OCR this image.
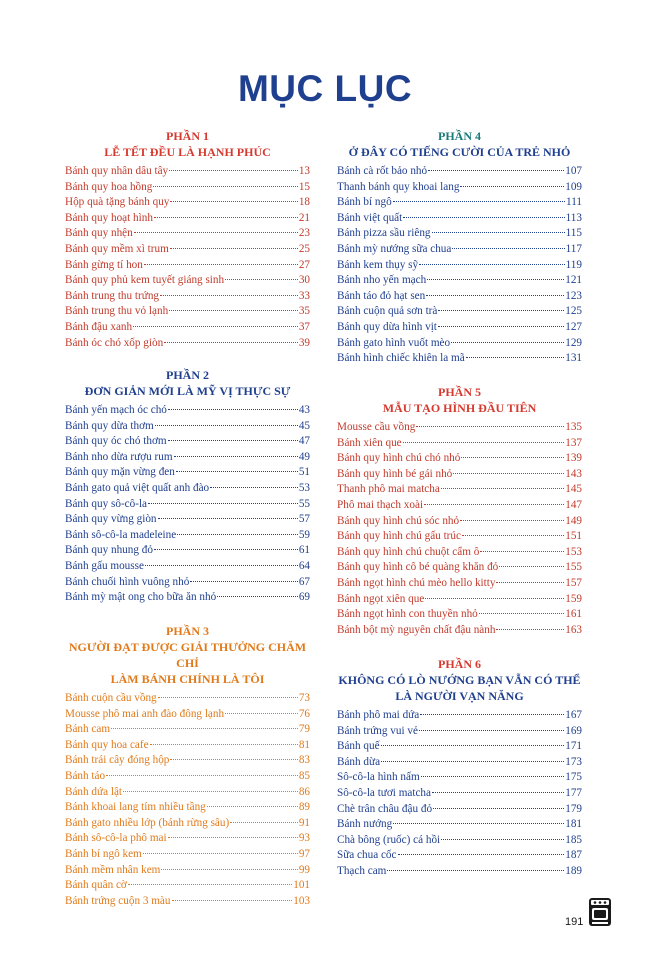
MỤC LỤC
PHẦN 1
LỄ TẾT ĐỀU LÀ HẠNH PHÚC
Bánh quy nhân dâu tây	13
Bánh quy hoa hồng	15
Hộp quà tặng bánh quy	18
Bánh quy hoạt hình	21
Bánh quy nhện	23
Bánh quy mềm xì trum	25
Bánh gừng tí hon	27
Bánh quy phủ kem tuyết giáng sinh	30
Bánh trung thu trứng	33
Bánh trung thu vỏ lạnh	35
Bánh đậu xanh	37
Bánh óc chó xốp giòn	39
PHẦN 2
ĐƠN GIẢN MỚI LÀ MỸ VỊ THỰC SỰ
Bánh yến mạch óc chó	43
Bánh quy dừa thơm	45
Bánh quy óc chó thơm	47
Bánh nho dừa rượu rum	49
Bánh quy mặn vừng đen	51
Bánh gato quả việt quất anh đào	53
Bánh quy sô-cô-la	55
Bánh quy vừng giòn	57
Bánh sô-cô-la madeleine	59
Bánh quy nhung đỏ	61
Bánh gấu mousse	64
Bánh chuối hình vuông nhỏ	67
Bánh mỳ mật ong cho bữa ăn nhỏ	69
PHẦN 3
NGƯỜI ĐẠT ĐƯỢC GIẢI THƯỞNG CHĂM CHỈ
LÀM BÁNH CHÍNH LÀ TÔI
Bánh cuộn cầu vồng	73
Mousse phô mai anh đào đông lạnh	76
Bánh cam	79
Bánh quy hoa cafe	81
Bánh trái cây đóng hộp	83
Bánh táo	85
Bánh dứa lật	86
Bánh khoai lang tím nhiều tầng	89
Bánh gato nhiều lớp (bánh rừng sâu)	91
Bánh sô-cô-la phô mai	93
Bánh bí ngô kem	97
Bánh mềm nhân kem	99
Bánh quân cờ	101
Bánh trứng cuộn 3 màu	103
PHẦN 4
Ở ĐÂY CÓ TIẾNG CƯỜI CỦA TRẺ NHỎ
Bánh cà rốt bảo nhỏ	107
Thanh bánh quy khoai lang	109
Bánh bí ngô	111
Bánh việt quất	113
Bánh pizza sầu riêng	115
Bánh mỳ nướng sữa chua	117
Bánh kem thụy sỹ	119
Bánh nho yến mạch	121
Bánh táo đỏ hạt sen	123
Bánh cuộn quả sơn trà	125
Bánh quy dừa hình vịt	127
Bánh gato hình vuốt mèo	129
Bánh hình chiếc khiên la mã	131
PHẦN 5
MẪU TẠO HÌNH ĐẦU TIÊN
Mousse cầu vồng	135
Bánh xiên que	137
Bánh quy hình chú chó nhỏ	139
Bánh quy hình bé gái nhỏ	143
Thanh phô mai matcha	145
Phô mai thạch xoài	147
Bánh quy hình chú sóc nhỏ	149
Bánh quy hình chú gấu trúc	151
Bánh quy hình chú chuột cẩm ô	153
Bánh quy hình cô bé quàng khăn đỏ	155
Bánh ngọt hình chú mèo hello kitty	157
Bánh ngọt xiên que	159
Bánh ngọt hình con thuyền nhỏ	161
Bánh bột mỳ nguyên chất đậu nành	163
PHẦN 6
KHÔNG CÓ LÒ NƯỚNG BẠN VẪN CÓ THỂ
LÀ NGƯỜI VẠN NĂNG
Bánh phô mai dứa	167
Bánh trứng vui vẻ	169
Bánh quế	171
Bánh dừa	173
Sô-cô-la hình nấm	175
Sô-cô-la tươi matcha	177
Chè trân châu đậu đỏ	179
Bánh nướng	181
Chà bông (ruốc) cá hồi	185
Sữa chua cốc	187
Thạch cam	189
191
